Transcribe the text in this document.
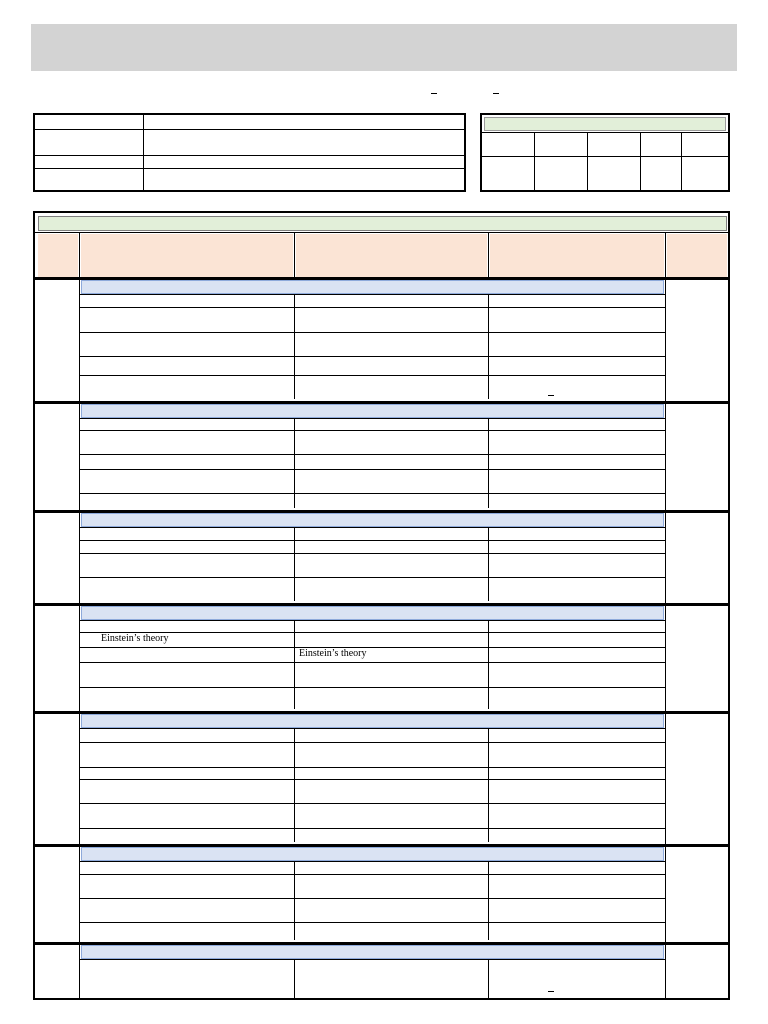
Einstein’s theory
Einstein’s theory
